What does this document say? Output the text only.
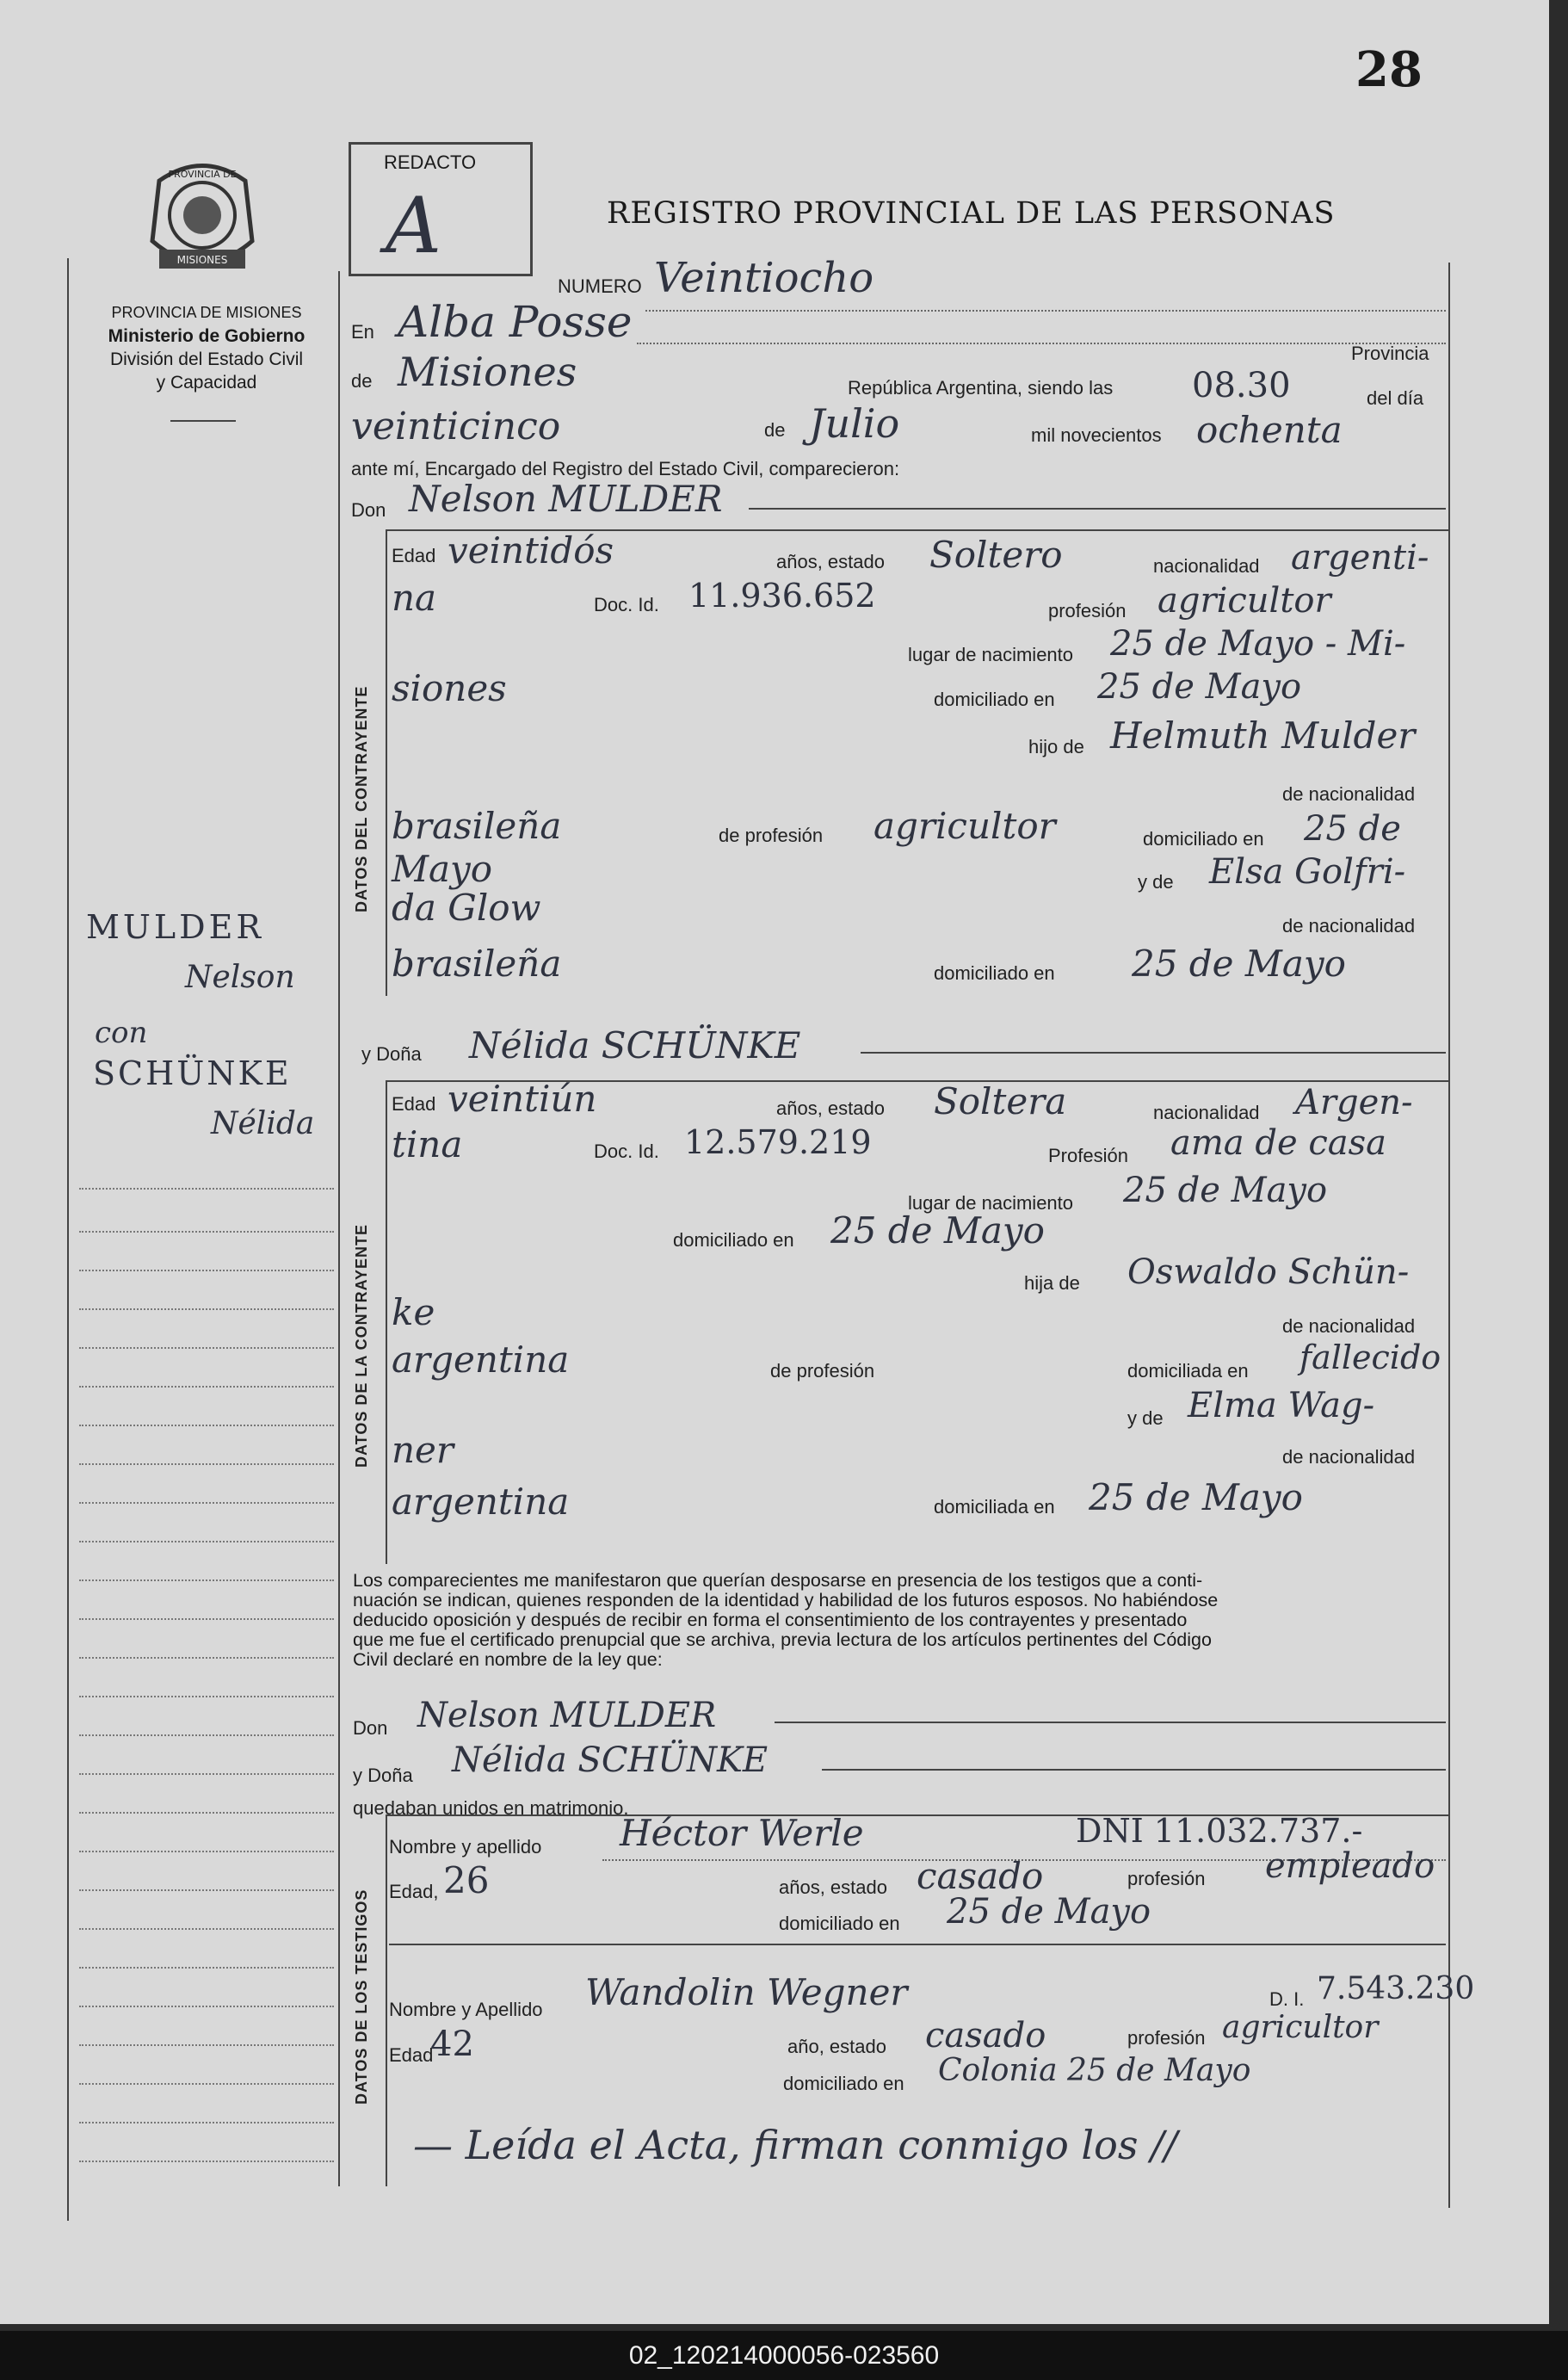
28
PROVINCIA DE
MISIONES
PROVINCIA DE MISIONES
Ministerio de Gobierno
División del Estado Civil
y Capacidad
MULDER
Nelson
con
SCHÜNKE
Nélida
REDACTO
A	REGISTRO PROVINCIAL DE LAS PERSONAS
NUMERO Veintiocho
En Alba Posse
Provincia
de Misiones	República Argentina, siendo las 08.30	del día
veinticinco	de Julio	mil novecientos ochenta
ante mí, Encargado del Registro del Estado Civil, comparecieron:
Don Nelson MULDER
DATOS DEL CONTRAYENTE
Edad veintidós	años, estado Soltero	nacionalidad argenti-
na	Doc. Id. 11.936.652	profesión agricultor
lugar de nacimiento 25 de Mayo - Mi-
siones	domiciliado en 25 de Mayo
hijo de Helmuth Mulder
de nacionalidad
brasileña	de profesión agricultor	domiciliado en 25 de
Mayo	y de Elsa Golfri-
da Glow	de nacionalidad
brasileña	domiciliado en 25 de Mayo
y Doña Nélida SCHÜNKE
DATOS DE LA CONTRAYENTE
Edad veintiún	años, estado Soltera	nacionalidad Argen-
tina	Doc. Id. 12.579.219	Profesión ama de casa
lugar de nacimiento 25 de Mayo
domiciliado en 25 de Mayo
hija de Oswaldo Schün-
ke	de nacionalidad
argentina	de profesión	domiciliada en fallecido
y de Elma Wag-
ner	de nacionalidad
argentina	domiciliada en 25 de Mayo
Los comparecientes me manifestaron que querían desposarse en presencia de los testigos que a conti-
nuación se indican, quienes responden de la identidad y habilidad de los futuros esposos. No habiéndose
deducido oposición y después de recibir en forma el consentimiento de los contrayentes y presentado
que me fue el certificado prenupcial que se archiva, previa lectura de los artículos pertinentes del Código
Civil declaré en nombre de la ley que:
Don Nelson MULDER
y Doña Nélida SCHÜNKE
quedaban unidos en matrimonio.
DATOS DE LOS TESTIGOS
Nombre y apellido Héctor Werle	DNI 11.032.737.-
Edad, 26	años, estado casado	profesión empleado
domiciliado en 25 de Mayo
Nombre y Apellido Wandolin Wegner	D. I. 7.543.230
Edad
42	año, estado casado	profesión agricultor
domiciliado en Colonia 25 de Mayo
— Leída el Acta, firman conmigo los //
02_120214000056-023560
